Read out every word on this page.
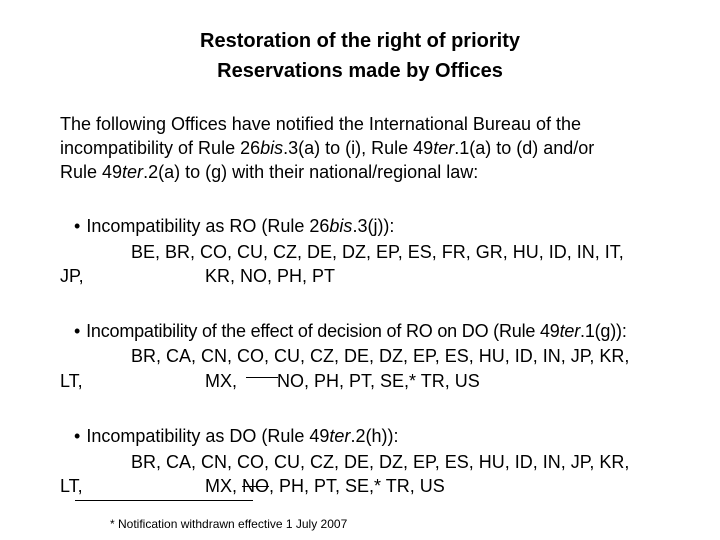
Restoration of the right of priority
Reservations made by Offices
The following Offices have notified the International Bureau of the
incompatibility of Rule 26bis.3(a) to (i), Rule 49ter.1(a) to (d) and/or
Rule 49ter.2(a) to (g) with their national/regional law:
• Incompatibility as RO (Rule 26bis.3(j)):
BE, BR, CO, CU, CZ, DE, DZ, EP, ES, FR, GR, HU, ID, IN, IT,
JP,	KR, NO, PH, PT
• Incompatibility of the effect of decision of RO on DO (Rule 49ter.1(g)):
BR, CA, CN, CO, CU, CZ, DE, DZ, EP, ES, HU, ID, IN, JP, KR,
LT,	MX, NO, PH, PT, SE,* TR, US
• Incompatibility as DO (Rule 49ter.2(h)):
BR, CA, CN, CO, CU, CZ, DE, DZ, EP, ES, HU, ID, IN, JP, KR,
LT,	MX, NO, PH, PT, SE,* TR, US
* Notification withdrawn effective 1 July 2007
